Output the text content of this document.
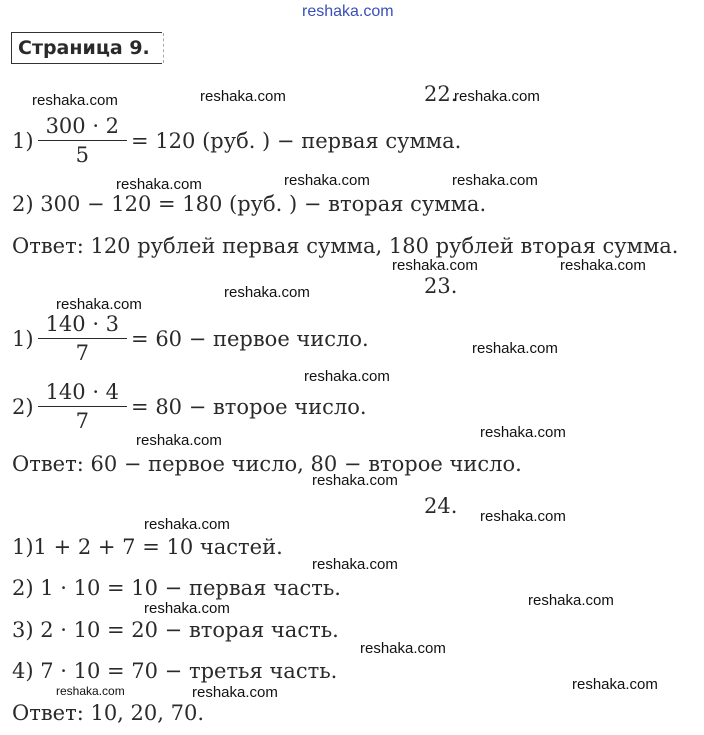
reshaka.com
Страница 9.
22.
$1) \frac{300 \cdot 2}{5} = 120$ (руб. ) − первая сумма.
2) 300 − 120 = 180 (руб. ) − вторая сумма.
Ответ: 120 рублей первая сумма, 180 рублей вторая сумма.
23.
$1) \frac{140 \cdot 3}{7} = 60$ − первое число.
$2) \frac{140 \cdot 4}{7} = 80$ − второе число.
Ответ: 60 − первое число, 80 − второе число.
24.
1)1 + 2 + 7 = 10 частей.
2) 1 · 10 = 10 − первая часть.
3) 2 · 10 = 20 − вторая часть.
4) 7 · 10 = 70 − третья часть.
Ответ: 10, 20, 70.
reshaka.com	reshaka.com	reshaka.com
reshaka.com	reshaka.com	reshaka.com
reshaka.com	reshaka.com
reshaka.com
reshaka.com
reshaka.com
reshaka.com
reshaka.com
reshaka.com
reshaka.com
reshaka.com
reshaka.com
reshaka.com
reshaka.com
reshaka.com
reshaka.com
reshaka.com
reshaka.com
reshaka.com
